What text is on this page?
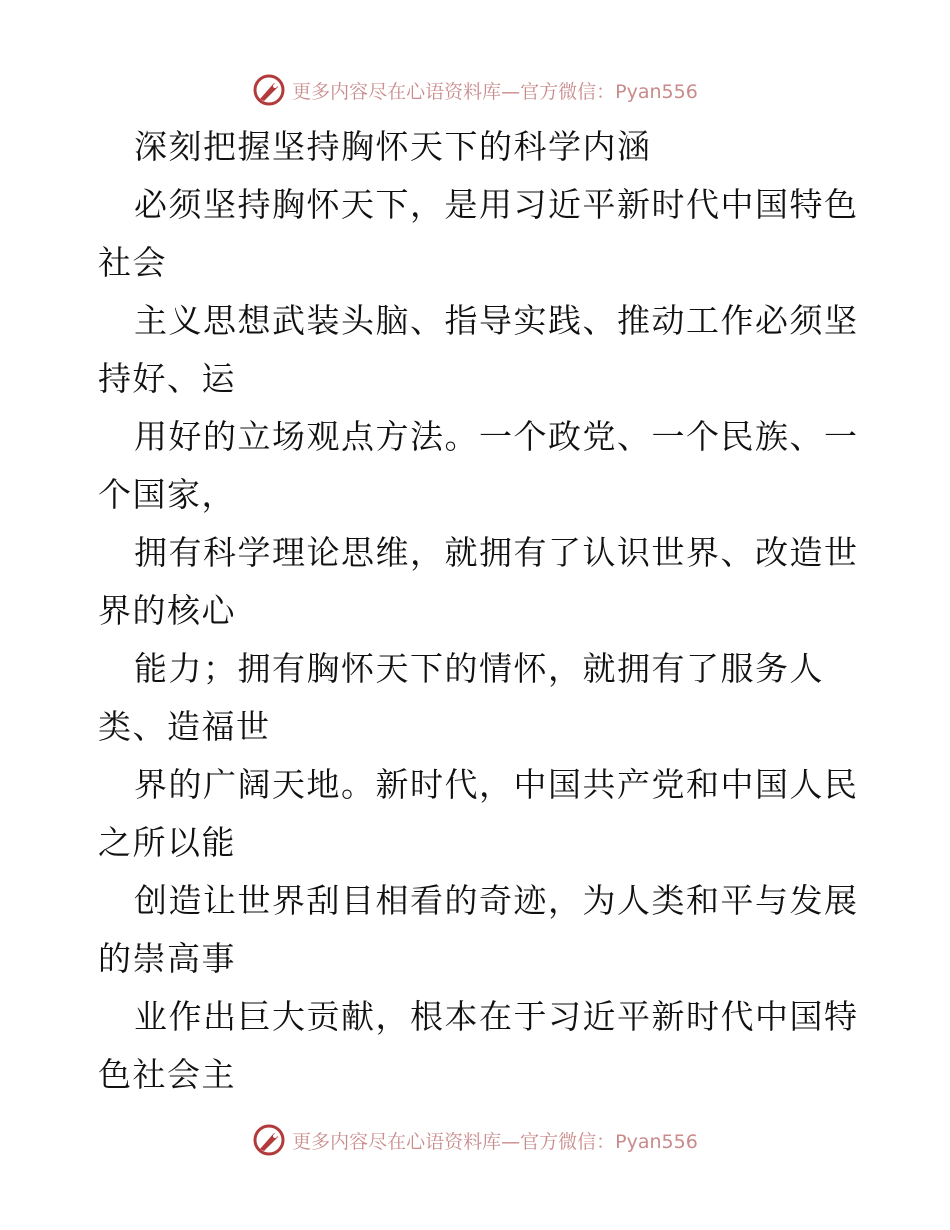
更多内容尽在心语资料库—官方微信：Pyan556
深刻把握坚持胸怀天下的科学内涵
必须坚持胸怀天下，是用习近平新时代中国特色
社会
主义思想武装头脑、指导实践、推动工作必须坚
持好、运
用好的立场观点方法。一个政党、一个民族、一
个国家，
拥有科学理论思维，就拥有了认识世界、改造世
界的核心
能力；拥有胸怀天下的情怀，就拥有了服务人
类、造福世
界的广阔天地。新时代，中国共产党和中国人民
之所以能
创造让世界刮目相看的奇迹，为人类和平与发展
的崇高事
业作出巨大贡献，根本在于习近平新时代中国特
色社会主
更多内容尽在心语资料库—官方微信：Pyan556
